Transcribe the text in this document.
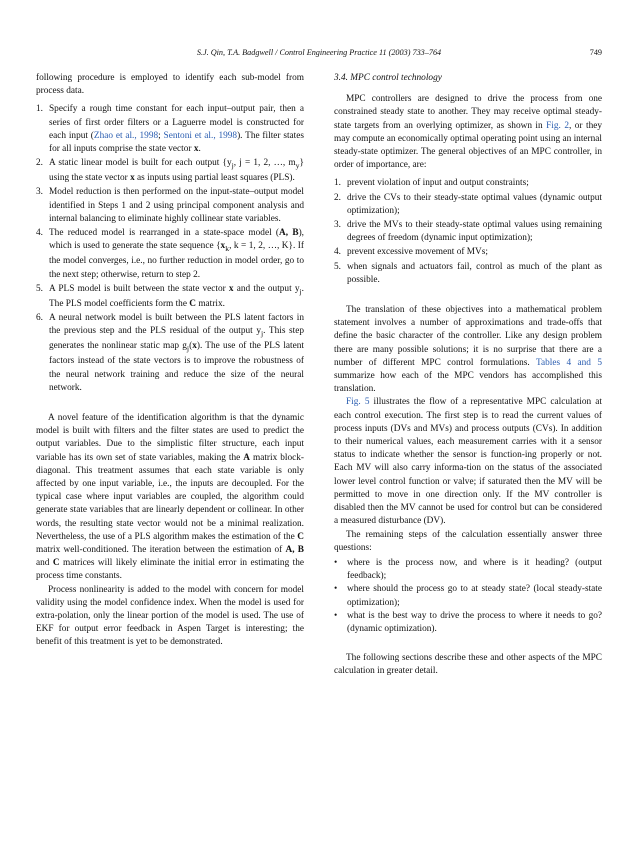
S.J. Qin, T.A. Badgwell / Control Engineering Practice 11 (2003) 733–764	749

following procedure is employed to identify each sub-model from process data.

1. Specify a rough time constant for each input–output pair, then a series of first order filters or a Laguerre model is constructed for each input (Zhao et al., 1998; Sentoni et al., 1998). The filter states for all inputs comprise the state vector x.
2. A static linear model is built for each output {$y_j$, j = 1, 2, …, $m_y$} using the state vector x as inputs using partial least squares (PLS).
3. Model reduction is then performed on the input-state–output model identified in Steps 1 and 2 using principal component analysis and internal balancing to eliminate highly collinear state variables.
4. The reduced model is rearranged in a state-space model (A, B), which is used to generate the state sequence {$x_k$, k = 1, 2, …, K}. If the model converges, i.e., no further reduction in model order, go to the next step; otherwise, return to step 2.
5. A PLS model is built between the state vector x and the output $y_j$. The PLS model coefficients form the C matrix.
6. A neural network model is built between the PLS latent factors in the previous step and the PLS residual of the output $y_j$. This step generates the nonlinear static map $g_j(x)$. The use of the PLS latent factors instead of the state vectors is to improve the robustness of the neural network training and reduce the size of the neural network.

A novel feature of the identification algorithm is that the dynamic model is built with filters and the filter states are used to predict the output variables. Due to the simplistic filter structure, each input variable has its own set of state variables, making the A matrix block-diagonal. This treatment assumes that each state variable is only affected by one input variable, i.e., the inputs are decoupled. For the typical case where input variables are coupled, the algorithm could generate state variables that are linearly dependent or collinear. In other words, the resulting state vector would not be a minimal realization. Nevertheless, the use of a PLS algorithm makes the estimation of the C matrix well-conditioned. The iteration between the estimation of A, B and C matrices will likely eliminate the initial error in estimating the process time constants.

Process nonlinearity is added to the model with concern for model validity using the model confidence index. When the model is used for extra-polation, only the linear portion of the model is used. The use of EKF for output error feedback in Aspen Target is interesting; the benefit of this treatment is yet to be demonstrated.

3.4. MPC control technology

MPC controllers are designed to drive the process from one constrained steady state to another. They may receive optimal steady-state targets from an overlying optimizer, as shown in Fig. 2, or they may compute an economically optimal operating point using an internal steady-state optimizer. The general objectives of an MPC controller, in order of importance, are:

1. prevent violation of input and output constraints;
2. drive the CVs to their steady-state optimal values (dynamic output optimization);
3. drive the MVs to their steady-state optimal values using remaining degrees of freedom (dynamic input optimization);
4. prevent excessive movement of MVs;
5. when signals and actuators fail, control as much of the plant as possible.

The translation of these objectives into a mathematical problem statement involves a number of approximations and trade-offs that define the basic character of the controller. Like any design problem there are many possible solutions; it is no surprise that there are a number of different MPC control formulations. Tables 4 and 5 summarize how each of the MPC vendors has accomplished this translation.

Fig. 5 illustrates the flow of a representative MPC calculation at each control execution. The first step is to read the current values of process inputs (DVs and MVs) and process outputs (CVs). In addition to their numerical values, each measurement carries with it a sensor status to indicate whether the sensor is function-ing properly or not. Each MV will also carry informa-tion on the status of the associated lower level control function or valve; if saturated then the MV will be permitted to move in one direction only. If the MV controller is disabled then the MV cannot be used for control but can be considered a measured disturbance (DV).

The remaining steps of the calculation essentially answer three questions:

• where is the process now, and where is it heading? (output feedback);
• where should the process go to at steady state? (local steady-state optimization);
• what is the best way to drive the process to where it needs to go? (dynamic optimization).

The following sections describe these and other aspects of the MPC calculation in greater detail.
